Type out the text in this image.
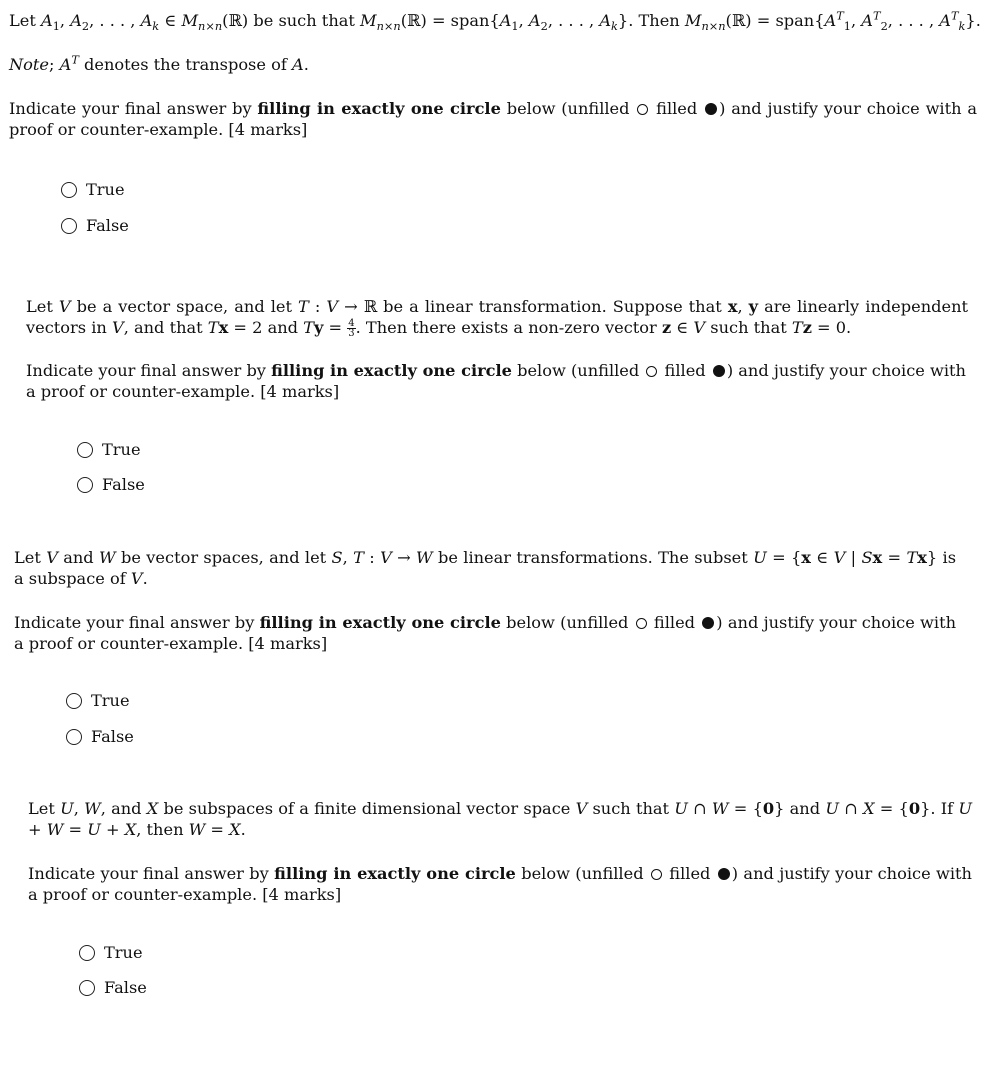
Let $A_1$, $A_2$, . . . , $A_k$ ∈ $M_{n\times n}(ℝ)$ be such that $M_{n\times n}(ℝ)$ = $span\{A_1$, $A_2$, . . . , $A_k$}. Then $M_{n\times n}(ℝ)$ = $span\{A^T_1$, $A^T_2$, . . . , $A^T_k$}.

Note; $A^T$ denotes the transpose of A.

Indicate your final answer by filling in exactly one circle below (unfilled  filled ) and justify your choice with a proof or counter-example. [4 marks]

True
False

Let V be a vector space, and let T : V → ℝ be a linear transformation. Suppose that x, y are linearly independent vectors in V, and that Tx = 2 and $Ty = \frac{4}{3}$ . Then there exists a non-zero vector z ∈ V such that Tz = 0.

Indicate your final answer by filling in exactly one circle below (unfilled  filled ) and justify your choice with a proof or counter-example. [4 marks]

True
False

Let V and W be vector spaces, and let S, T : V → W be linear transformations. The subset U = {x ∈ V | Sx = Tx} is a subspace of V.

Indicate your final answer by filling in exactly one circle below (unfilled  filled ) and justify your choice with a proof or counter-example. [4 marks]

True
False

Let U, W, and X be subspaces of a finite dimensional vector space V such that U ∩ W = {0} and U ∩ X = {0}. If U + W = U + X, then W = X.

Indicate your final answer by filling in exactly one circle below (unfilled  filled ) and justify your choice with a proof or counter-example. [4 marks]

True
False
